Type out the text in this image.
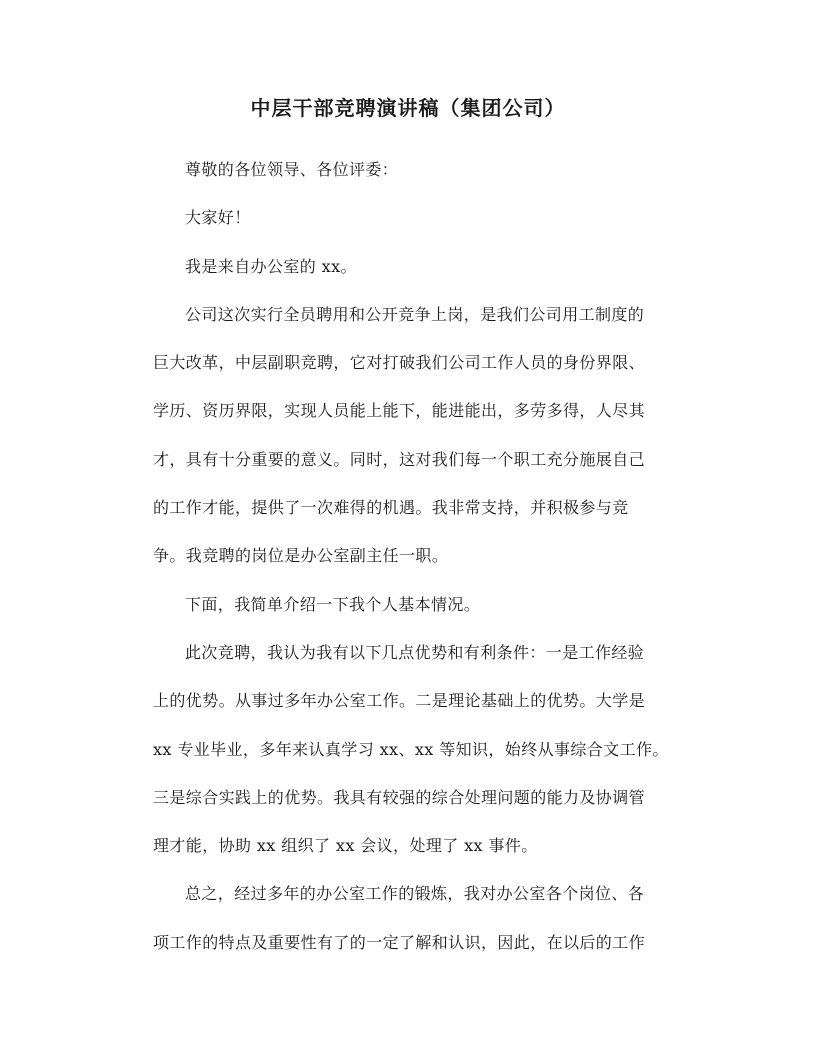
中层干部竞聘演讲稿（集团公司）

尊敬的各位领导、各位评委：

大家好！

我是来自办公室的 xx。

公司这次实行全员聘用和公开竞争上岗，是我们公司用工制度的
巨大改革，中层副职竞聘，它对打破我们公司工作人员的身份界限、
学历、资历界限，实现人员能上能下，能进能出，多劳多得，人尽其
才，具有十分重要的意义。同时，这对我们每一个职工充分施展自己
的工作才能，提供了一次难得的机遇。我非常支持，并积极参与竞
争。我竞聘的岗位是办公室副主任一职。

下面，我简单介绍一下我个人基本情况。

此次竞聘，我认为我有以下几点优势和有利条件：一是工作经验
上的优势。从事过多年办公室工作。二是理论基础上的优势。大学是
xx 专业毕业，多年来认真学习 xx、xx 等知识，始终从事综合文工作。
三是综合实践上的优势。我具有较强的综合处理问题的能力及协调管
理才能，协助 xx 组织了 xx 会议，处理了 xx 事件。

总之，经过多年的办公室工作的锻炼，我对办公室各个岗位、各
项工作的特点及重要性有了的一定了解和认识，因此，在以后的工作
